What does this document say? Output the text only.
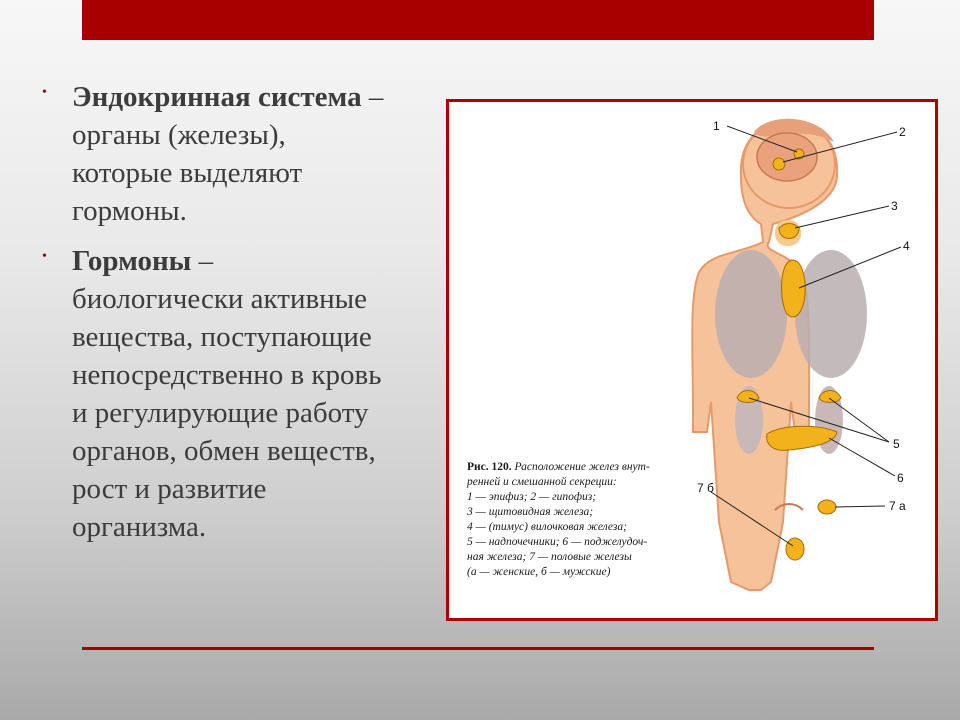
• Эндокринная система –
органы (железы),
которые выделяют
гормоны.
• Гормоны –
биологически активные
вещества, поступающие
непосредственно в кровь
и регулирующие работу
органов, обмен веществ,
рост и развитие
организма.
1	2
3
4
5
6
7 а
7 б
Рис. 120. Расположение желез внут-
ренней и смешанной секреции:
1 — эпифиз; 2 — гипофиз;
3 — щитовидная железа;
4 — (тимус) вилочковая железа;
5 — надпочечники; 6 — поджелудоч-
ная железа; 7 — половые железы
(а — женские, б — мужские)
